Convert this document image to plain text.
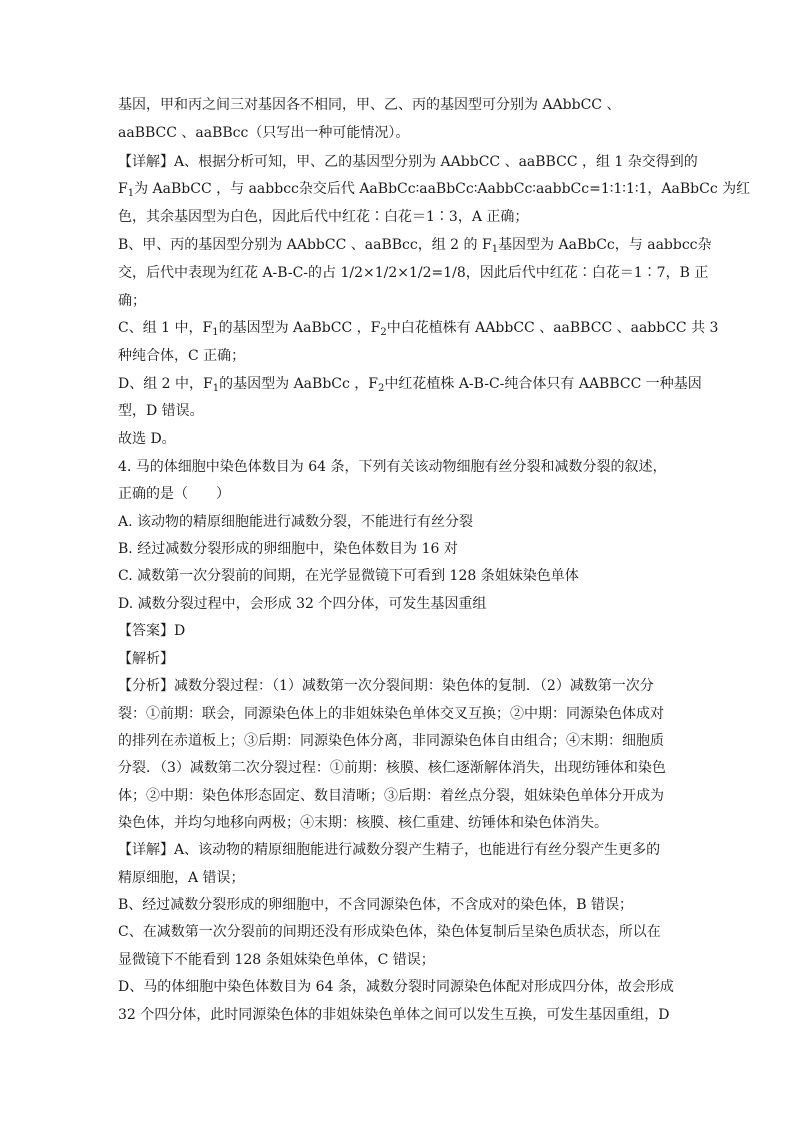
基因，甲和丙之间三对基因各不相同，甲、乙、丙的基因型可分别为 AAbbCC 、
aaBBCC 、aaBBcc（只写出一种可能情况）。
【详解】A、根据分析可知，甲、乙的基因型分别为 AAbbCC 、aaBBCC ，组 1 杂交得到的
$F_1$为 AaBbCC ，与 aabbcc杂交后代 AaBbCc∶aaBbCc∶AabbCc∶aabbCc=1∶1∶1∶1，AaBbCc 为红
色，其余基因型为白色，因此后代中红花∶白花＝1∶3，A 正确；
B、甲、丙的基因型分别为 AAbbCC 、aaBBcc，组 2 的 $F_1$基因型为 AaBbCc，与 aabbcc杂
交，后代中表现为红花 A-B-C-的占 1/2×1/2×1/2=1/8，因此后代中红花∶白花＝1∶7，B 正
确；
C、组 1 中，$F_1$的基因型为 AaBbCC ，$F_2$中白花植株有 AAbbCC 、aaBBCC 、aabbCC 共 3
种纯合体，C 正确；
D、组 2 中，$F_1$的基因型为 AaBbCc ，$F_2$中红花植株 A-B-C-纯合体只有 AABBCC 一种基因
型，D 错误。
故选 D。
4. 马的体细胞中染色体数目为 64 条，下列有关该动物细胞有丝分裂和减数分裂的叙述，
正确的是（　　）
A. 该动物的精原细胞能进行减数分裂，不能进行有丝分裂
B. 经过减数分裂形成的卵细胞中，染色体数目为 16 对
C. 减数第一次分裂前的间期，在光学显微镜下可看到 128 条姐妹染色单体
D. 减数分裂过程中，会形成 32 个四分体，可发生基因重组
【答案】D
【解析】
【分析】减数分裂过程：（1）减数第一次分裂间期：染色体的复制．（2）减数第一次分
裂：①前期：联会，同源染色体上的非姐妹染色单体交叉互换；②中期：同源染色体成对
的排列在赤道板上；③后期：同源染色体分离，非同源染色体自由组合；④末期：细胞质
分裂．（3）减数第二次分裂过程：①前期：核膜、核仁逐渐解体消失，出现纺锤体和染色
体；②中期：染色体形态固定、数目清晰；③后期：着丝点分裂，姐妹染色单体分开成为
染色体，并均匀地移向两极；④末期：核膜、核仁重建、纺锤体和染色体消失。
【详解】A、该动物的精原细胞能进行减数分裂产生精子，也能进行有丝分裂产生更多的
精原细胞，A 错误；
B、经过减数分裂形成的卵细胞中，不含同源染色体，不含成对的染色体，B 错误；
C、在减数第一次分裂前的间期还没有形成染色体，染色体复制后呈染色质状态，所以在
显微镜下不能看到 128 条姐妹染色单体，C 错误；
D、马的体细胞中染色体数目为 64 条，减数分裂时同源染色体配对形成四分体，故会形成
32 个四分体，此时同源染色体的非姐妹染色单体之间可以发生互换，可发生基因重组，D
